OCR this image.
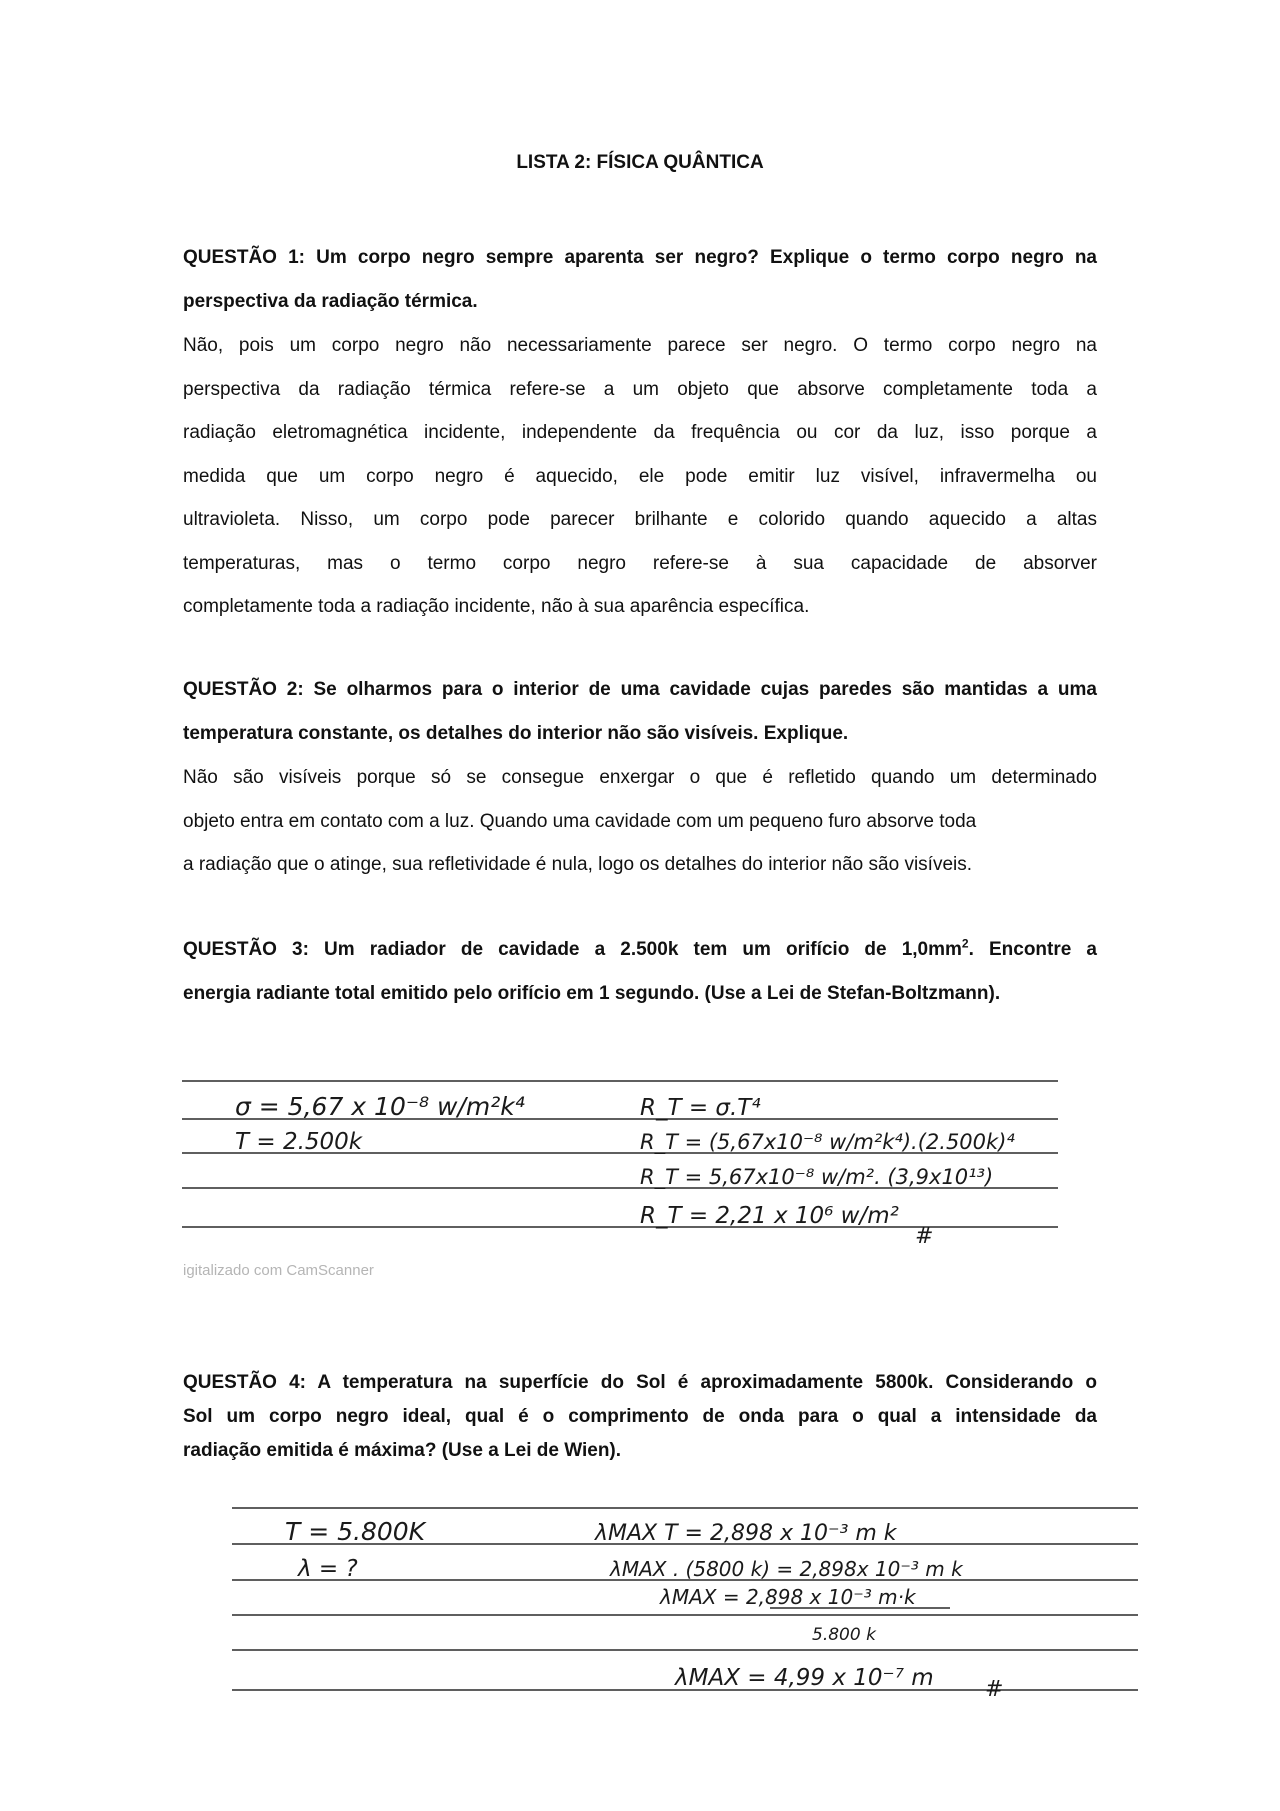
LISTA 2: FÍSICA QUÂNTICA
QUESTÃO 1: Um corpo negro sempre aparenta ser negro? Explique o termo corpo negro na
perspectiva da radiação térmica.
Não, pois um corpo negro não necessariamente parece ser negro. O termo corpo negro na
perspectiva da radiação térmica refere-se a um objeto que absorve completamente toda a
radiação eletromagnética incidente, independente da frequência ou cor da luz, isso porque a
medida que um corpo negro é aquecido, ele pode emitir luz visível, infravermelha ou
ultravioleta. Nisso, um corpo pode parecer brilhante e colorido quando aquecido a altas
temperaturas, mas o termo corpo negro refere-se à sua capacidade de absorver
completamente toda a radiação incidente, não à sua aparência específica.
QUESTÃO 2: Se olharmos para o interior de uma cavidade cujas paredes são mantidas a uma
temperatura constante, os detalhes do interior não são visíveis. Explique.
Não são visíveis porque só se consegue enxergar o que é refletido quando um determinado
objeto entra em contato com a luz. Quando uma cavidade com um pequeno furo absorve toda
a radiação que o atinge, sua refletividade é nula, logo os detalhes do interior não são visíveis.
QUESTÃO 3: Um radiador de cavidade a 2.500k tem um orifício de $1,0mm^2$. Encontre a
energia radiante total emitido pelo orifício em 1 segundo. (Use a Lei de Stefan-Boltzmann).
σ = 5,67 x 10⁻⁸ w/m²k⁴
T = 2.500k
R_T = σ.T⁴
R_T = (5,67x10⁻⁸ w/m²k⁴).(2.500k)⁴
R_T = 5,67x10⁻⁸ w/m². (3,9x10¹³)
R_T = 2,21 x 10⁶ w/m²
#
igitalizado com CamScanner
QUESTÃO 4: A temperatura na superfície do Sol é aproximadamente 5800k. Considerando o
Sol um corpo negro ideal, qual é o comprimento de onda para o qual a intensidade da
radiação emitida é máxima? (Use a Lei de Wien).
T = 5.800K
λ = ?
λMAX T = 2,898 x 10⁻³ m k
λMAX . (5800 k) = 2,898x 10⁻³ m k
λMAX = 2,898 x 10⁻³ m·k
5.800 k
λMAX = 4,99 x 10⁻⁷ m #
